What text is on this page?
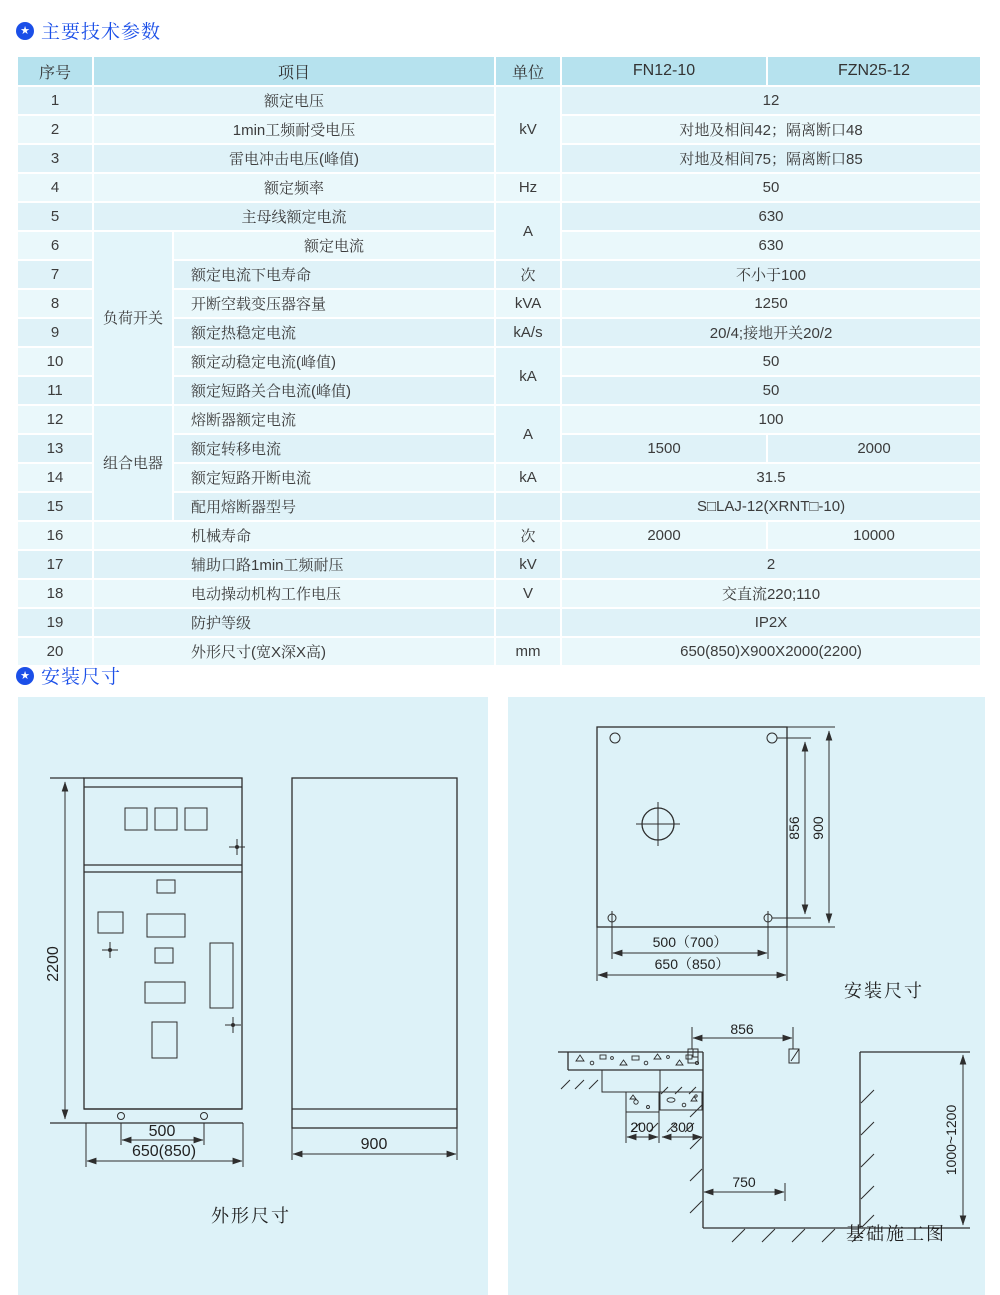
★ 主要技术参数
序号	项目		单位	FN12-10	FZN25-12
1	额定电压		kV	12	
2	1min工频耐受电压			对地及相间42；隔离断口48	
3	雷电冲击电压(峰值)			对地及相间75；隔离断口85	
4	额定频率		Hz	50	
5	主母线额定电流		A	630	
6	负荷开关	额定电流		630	
7		额定电流下电寿命	次	不小于100	
8		开断空载变压器容量	kVA	1250	
9		额定热稳定电流	kA/s	20/4;接地开关20/2	
10		额定动稳定电流(峰值)	kA	50	
11		额定短路关合电流(峰值)		50	
12	组合电器	熔断器额定电流	A	100	
13		额定转移电流		1500	2000
14		额定短路开断电流	kA	31.5	
15		配用熔断器型号		S□LAJ-12(XRNT□-10)	
16	机械寿命		次	2000	10000
17	辅助口路1min工频耐压		kV	2	
18	电动操动机构工作电压		V	交直流220;110	
19	防护等级			IP2X	
20	外形尺寸(宽X深X高)		mm	650(850)X900X2000(2200)	
★ 安装尺寸
2200
500
650(850)	900
外形尺寸
856 900
500（700）
650（850）
安装尺寸
856
200 300
750
1000~1200
基础施工图
